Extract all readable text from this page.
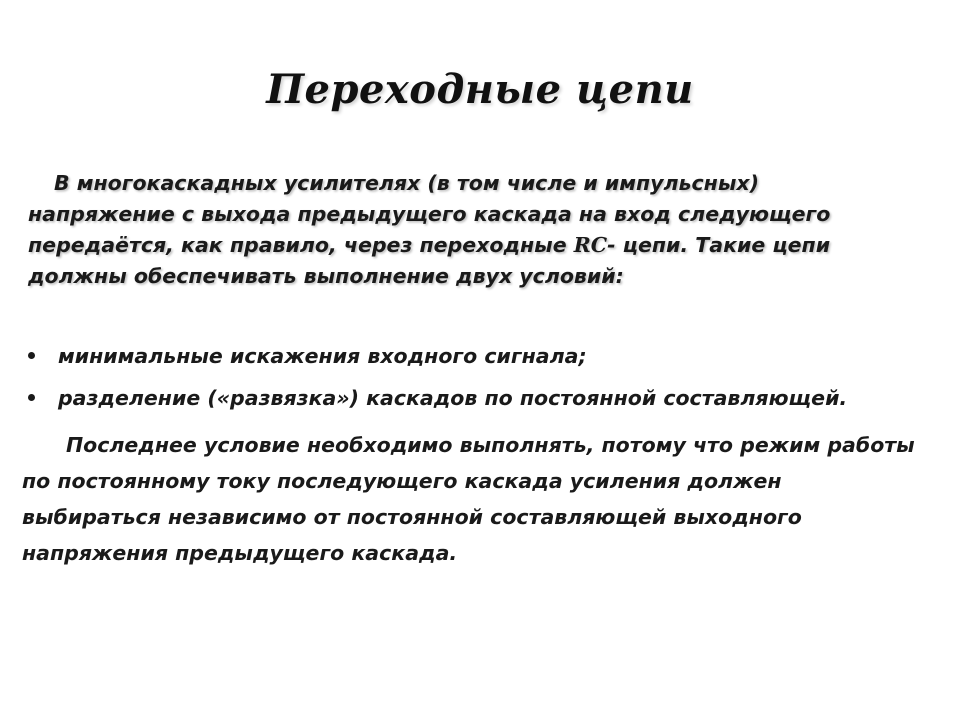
Переходные цепи
В многокаскадных усилителях (в том числе и импульсных) напряжение с выхода предыдущего каскада на вход следующего передаётся, как правило, через переходные RC- цепи. Такие цепи должны обеспечивать выполнение двух условий:
минимальные искажения входного сигнала;
разделение («развязка») каскадов по постоянной составляющей.
Последнее условие необходимо выполнять, потому что режим работы по постоянному току последующего каскада усиления должен выбираться независимо от постоянной составляющей выходного напряжения предыдущего каскада.
